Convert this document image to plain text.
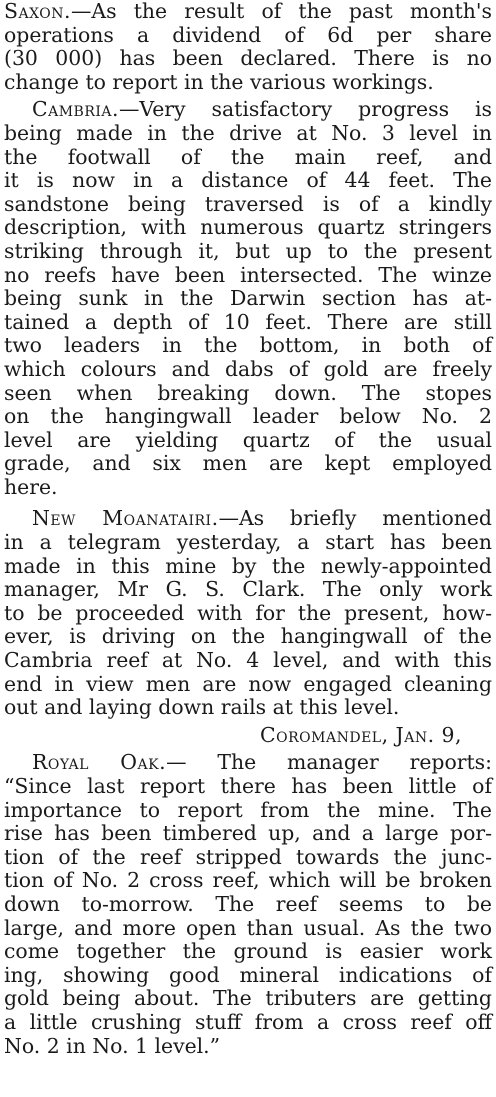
Saxon.—As the result of the past month's
operations a dividend of 6d per share
(30 000) has been declared. There is no
change to report in the various workings.

Cambria.—Very satisfactory progress is
being made in the drive at No. 3 level in
the footwall of the main reef, and
it is now in a distance of 44 feet. The
sandstone being traversed is of a kindly
description, with numerous quartz stringers
striking through it, but up to the present
no reefs have been intersected. The winze
being sunk in the Darwin section has at-
tained a depth of 10 feet. There are still
two leaders in the bottom, in both of
which colours and dabs of gold are freely
seen when breaking down. The stopes
on the hangingwall leader below No. 2
level are yielding quartz of the usual
grade, and six men are kept employed
here.

New Moanatairi.—As briefly mentioned
in a telegram yesterday, a start has been
made in this mine by the newly-appointed
manager, Mr G. S. Clark. The only work
to be proceeded with for the present, how-
ever, is driving on the hangingwall of the
Cambria reef at No. 4 level, and with this
end in view men are now engaged cleaning
out and laying down rails at this level.

Coromandel, Jan. 9,

Royal Oak.— The manager reports:
“Since last report there has been little of
importance to report from the mine. The
rise has been timbered up, and a large por-
tion of the reef stripped towards the junc-
tion of No. 2 cross reef, which will be broken
down to-morrow. The reef seems to be
large, and more open than usual. As the two
come together the ground is easier work
ing, showing good mineral indications of
gold being about. The tributers are getting
a little crushing stuff from a cross reef off
No. 2 in No. 1 level.”
